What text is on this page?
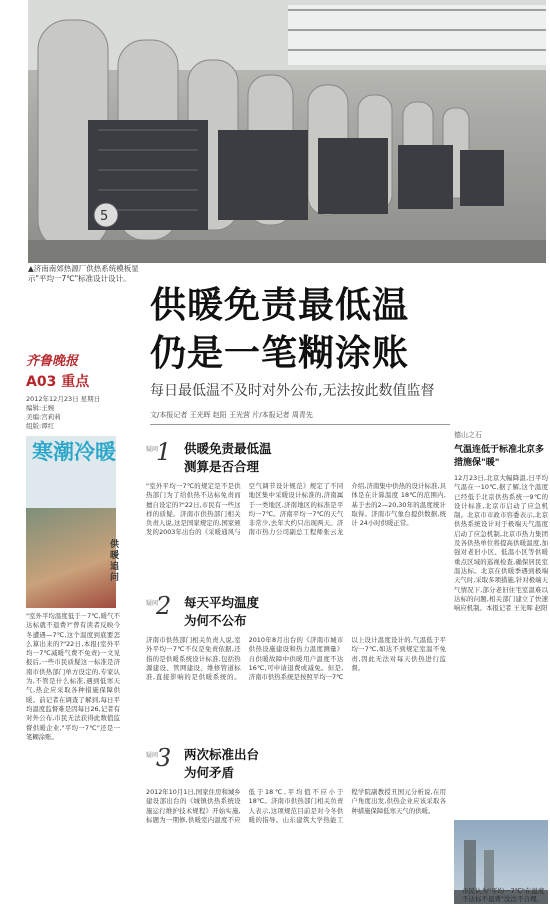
5
▲济南南郊热源厂供热系统模板显示"平均一7℃"标准设计设计。
齐鲁晚报
A03 重点
2012年12月23日 星期日
编辑:王婉
美编:宫莉莉
组版:谭红
供暖免责最低温
仍是一笔糊涂账
每日最低温不及时对外公布,无法按此数值监督
文/本报记者 王光晖 赵阳 王光营 片/本报记者 周青先
寒潮冷暖
供暖追问
"室外平均温度低于－7℃,暖气不达标就不退费?"曾有读者反映今冬遭遇—7℃,这个温度到底要怎么算出来的?"22日,本报(室外平均一7℃减暖气费不免责)一文见报后,一些市民质疑这一标准是济南市供热部门单方设定的,专家认为,不管是什么标准,遇到低寒天气,热企应采取各种措施保障供暖。前记者在调查了解到,每日平均温度监督难是因每日26,记者有对外公布,市民无法获得此数值监督供暖企业,"平均一7℃"还是一笔糊涂账。
疑问
1 供暖免责最低温
测算是否合理
"室外平均一7℃的规定是不是供热部门为了给供热不达标免责而擅自设定的?"22日,市民有一些这样的质疑。济南市供热部门相关负责人说,这是国家规定的,国家颁发的2003年出台的《采暖通风与空气调节设计规范》规定了不同地区集中采暖设计标准的,济南属于一类地区,济南地区的标准是平均一7℃。济南平均一7℃的天气非常少,去年大约只出现两天。济南市热力公司副总工程师张云龙介绍,济南集中供热的设计标准,具体是在计算温度 18℃的范围内,基于去的2—20,30年的温度统计取得。济南市气象台提供数据,统计 24小时供暖正常。
疑问
2 每天平均温度
为何不公布
济南市供热部门相关负责人说,室外平均一7℃不仅是免责依据,还指的是供暖系统设计标准,包括热源建设、管网建设、维修管道标准,直接影响的是供暖系统的。2010年8月出台的《济南市城市供热设施建设和热力温度测量》自供暖故障中供暖用户温度不达16℃,可申请退费或减免。但是,济南市供热系统是按照平均一7℃以上设计温度设计的,气温低于平均一7℃,如达不到规定室温不免责,因此无法对每天供热进行监督。
疑问
3 两次标准出台
为何矛盾
2012年10月1日,国家住房和城乡建设部出台的《城镇供热系统设施运行维护技术规程》开始实施,标题为一期修,供暖室内温度不应低于18℃,平均值不应小于18℃。济南市供热部门相关负责人表示,这项规范目前是对今冬供暖的指导。山东建筑大学热能工程学院副教授丑国元分析说,在用户角度出发,供热企业应该采取各种措施保障低寒天气的供暖。
德山之石
气温连低于标准北京多措施保"暖"
12月23日,北京大幅降温,日平均气温在一10℃,据了解,这个温度已经低于北京供热系统一9℃的设计标准,北京市启动了应急机制。北京市市政市容委表示,北京供热系统设计对于极端天气温度启动了应急机制,北京市热力集团及各供热单位将提高供暖温度,加强对老旧小区、低温小区等供暖重点区域的巡视检查,确保居民室温达标。北京在供暖季遇到极端天气时,采取多项措施,针对极端天气情况下,部分老旧住宅室温难以达标的问题,相关部门建立了快速响应机制。本报记者 王光晖 赵阳
市民认为"平均一7℃"在温度不达标不退费"没法不合理。
